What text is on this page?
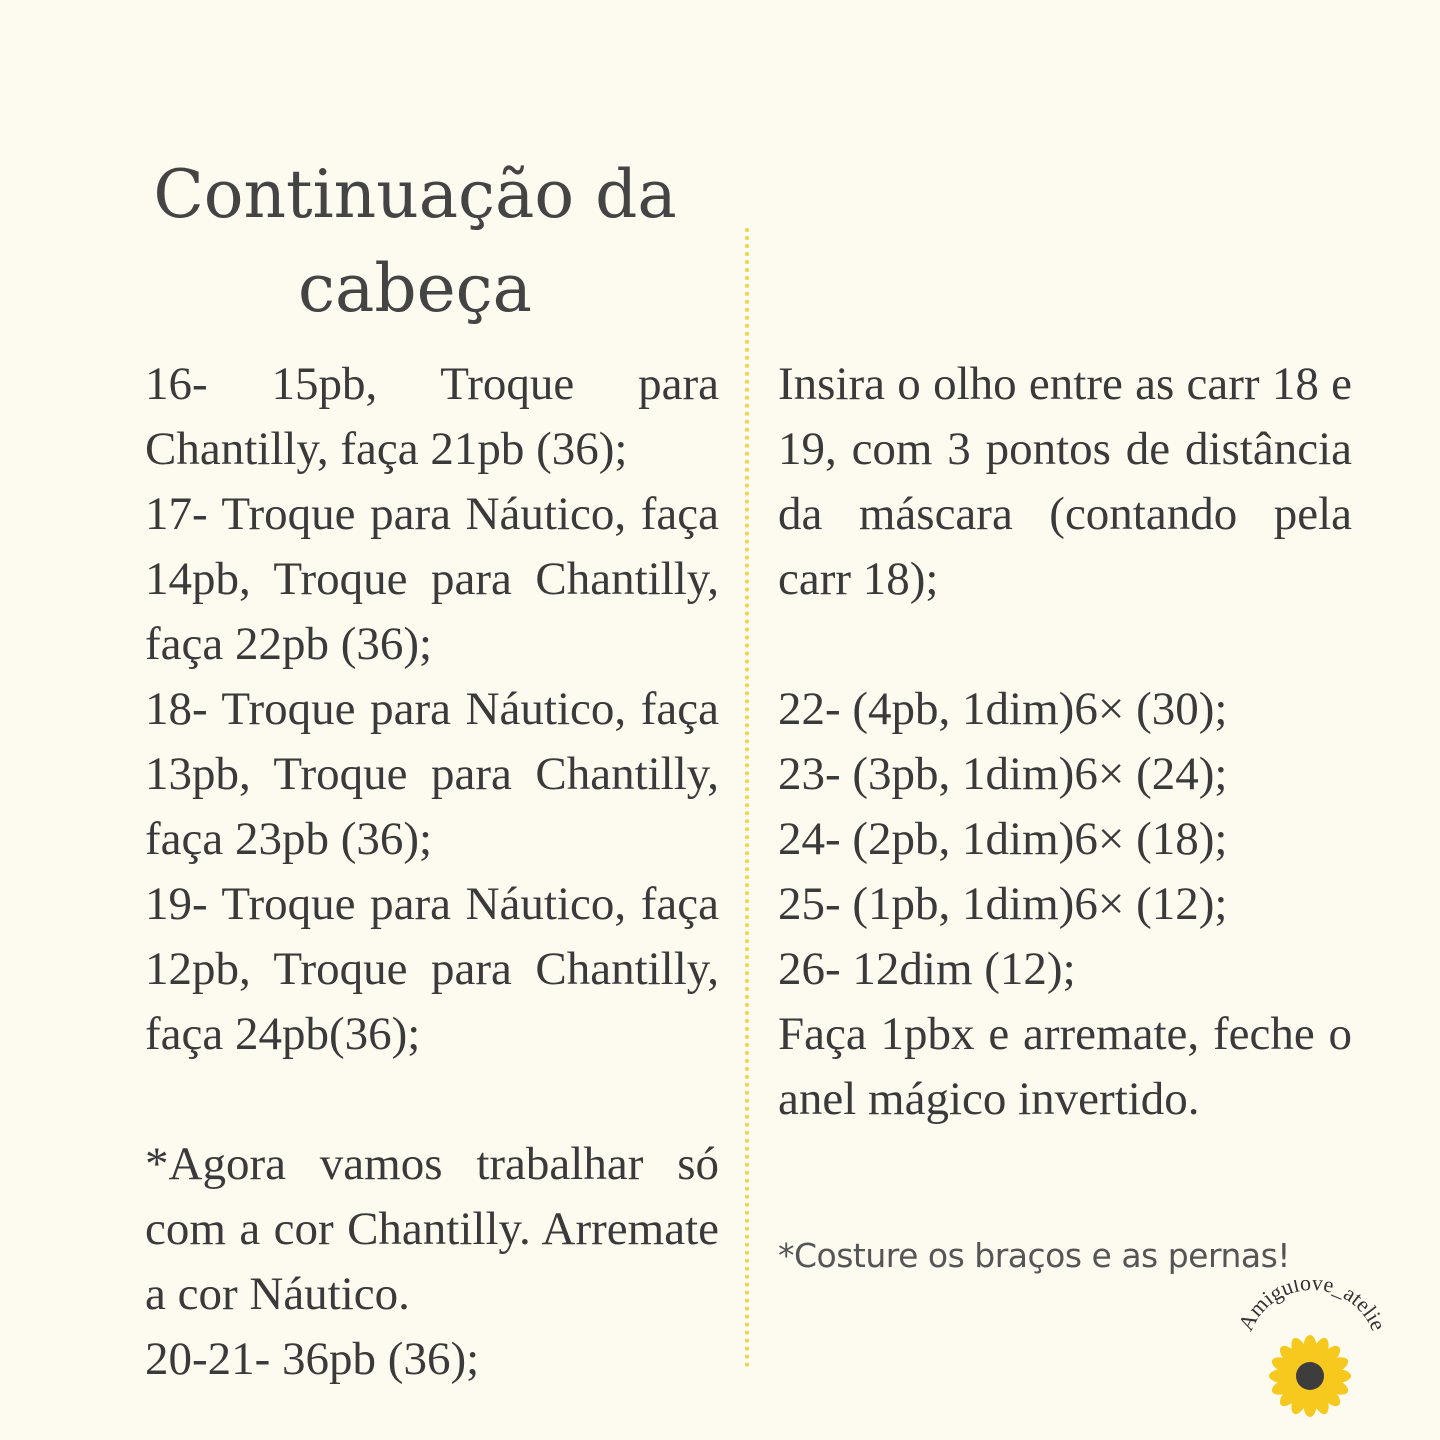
Continuação da cabeça

16- 15pb, Troque para Chantilly, faça 21pb (36);

17- Troque para Náutico, faça 14pb, Troque para Chantilly, faça 22pb (36);

18- Troque para Náutico, faça 13pb, Troque para Chantilly, faça 23pb (36);

19- Troque para Náutico, faça 12pb, Troque para Chantilly, faça 24pb(36);

*Agora vamos trabalhar só com a cor Chantilly. Arremate a cor Náutico.

20-21- 36pb (36);

Insira o olho entre as carr 18 e 19, com 3 pontos de distância da máscara (contando pela carr 18);

22- (4pb, 1dim)6× (30);

23- (3pb, 1dim)6× (24);

24- (2pb, 1dim)6× (18);

25- (1pb, 1dim)6× (12);

26- 12dim (12);

Faça 1pbx e arremate, feche o anel mágico invertido.

*Costure os braços e as pernas!

Amigulove_atelie
